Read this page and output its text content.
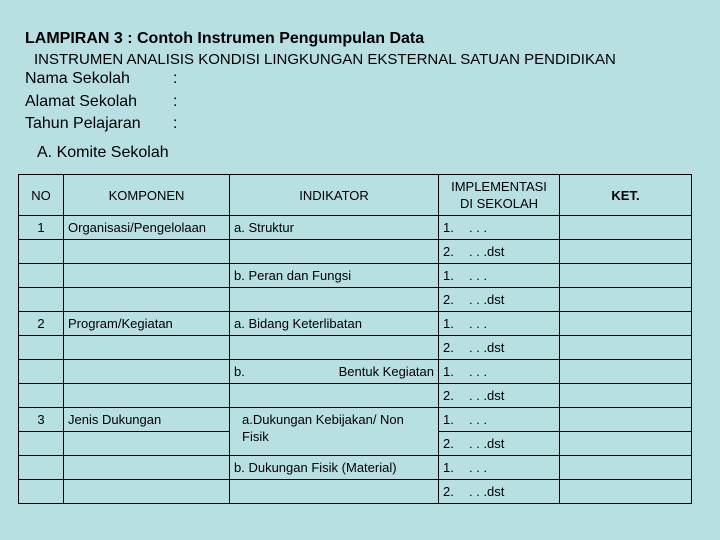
LAMPIRAN 3 : Contoh Instrumen Pengumpulan Data
INSTRUMEN ANALISIS KONDISI LINGKUNGAN EKSTERNAL SATUAN PENDIDIKAN
Nama Sekolah	:
Alamat Sekolah :
Tahun Pelajaran :
A. Komite Sekolah
NO	KOMPONEN	INDIKATOR	IMPLEMENTASI DI SEKOLAH	KET.
1	Organisasi/Pengelolaan	a. Struktur	1. . . .	

			2. . . .dst	

		b. Peran dan Fungsi	1. . . .	

			2. . . .dst	

2	Program/Kegiatan	a. Bidang Keterlibatan	1. . . .	

			2. . . .dst	

		b. Bentuk Kegiatan	1. . . .	

			2. . . .dst	

3	Jenis Dukungan	a.Dukungan Kebijakan/ Non Fisik	1. . . .	

			2. . . .dst	

		b. Dukungan Fisik (Material)	1. . . .	

			2. . . .dst	
